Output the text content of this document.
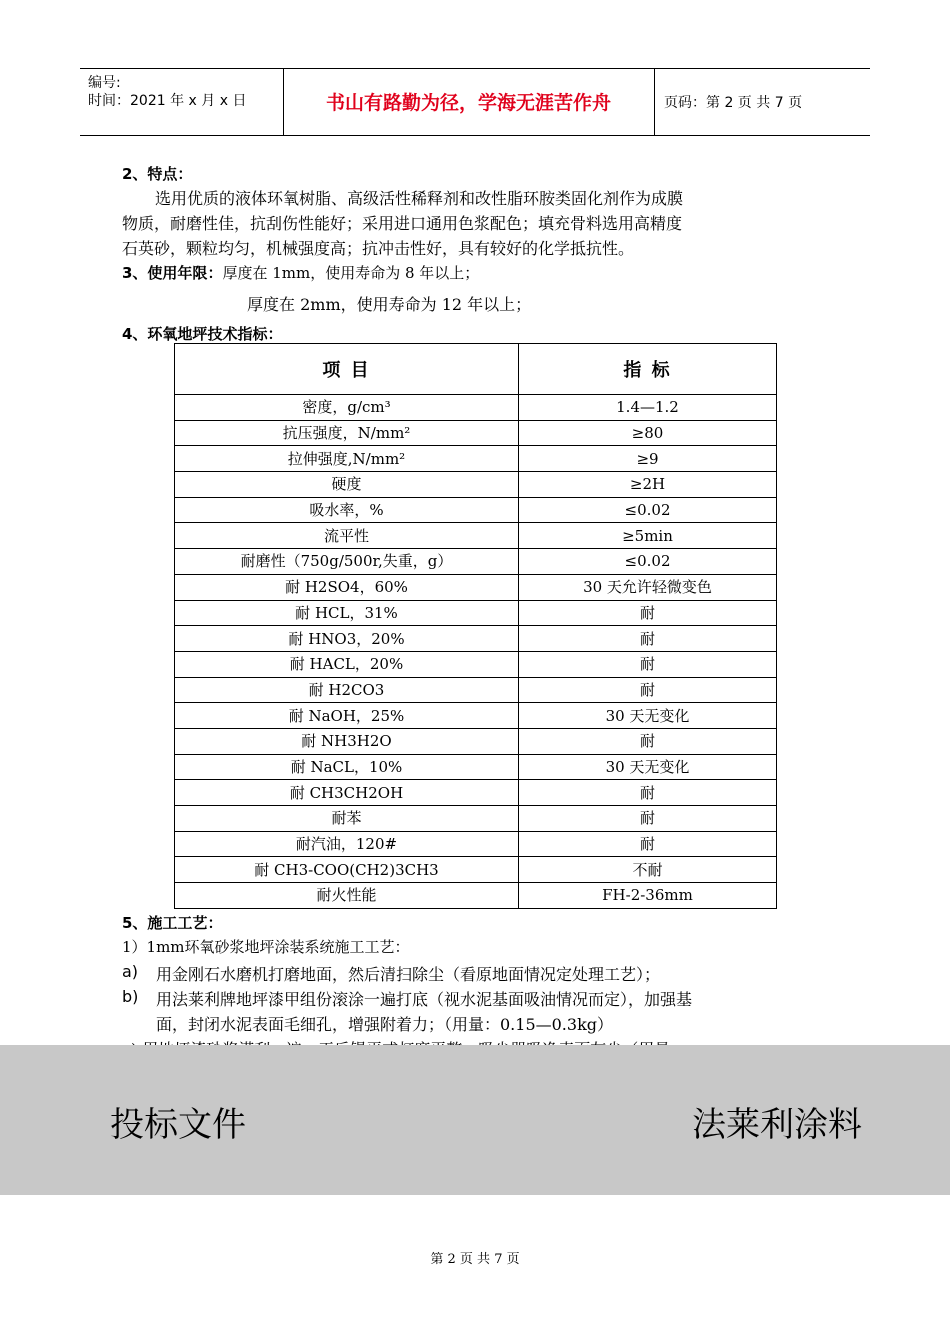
编号:
时间：2021 年 x 月 x 日	书山有路勤为径，学海无涯苦作舟	页码：第 2 页 共 7 页
2、特点：
选用优质的液体环氧树脂、高级活性稀释剂和改性脂环胺类固化剂作为成膜
物质，耐磨性佳，抗刮伤性能好；采用进口通用色浆配色；填充骨料选用高精度
石英砂，颗粒均匀，机械强度高；抗冲击性好，具有较好的化学抵抗性。
3、使用年限：厚度在 1mm，使用寿命为 8 年以上；
厚度在 2mm，使用寿命为 12 年以上；
4、环氧地坪技术指标：
项 目	指 标
密度，g/cm³	1.4—1.2
抗压强度，N/mm²	≥80
拉伸强度,N/mm²	≥9
硬度	≥2H
吸水率，%	≤0.02
流平性	≥5min
耐磨性（750g/500r,失重，g）	≤0.02
耐 H2SO4，60%	30 天允许轻微变色
耐 HCL，31%	耐
耐 HNO3，20%	耐
耐 HACL，20%	耐
耐 H2CO3	耐
耐 NaOH，25%	30 天无变化
耐 NH3H2O	耐
耐 NaCL，10%	30 天无变化
耐 CH3CH2OH	耐
耐苯	耐
耐汽油，120#	耐
耐 CH3-COO(CH2)3CH3	不耐
耐火性能	FH-2-36mm
5、施工工艺：
1）1mm环氧砂浆地坪涂装系统施工工艺：
a)	用金刚石水磨机打磨地面，然后清扫除尘（看原地面情况定处理工艺）；
b)	用法莱利牌地坪漆甲组份滚涂一遍打底（视水泥基面吸油情况而定），加强基
面，封闭水泥表面毛细孔，增强附着力；（用量：0.15—0.3kg）
投标文件	法莱利涂料
第 2 页 共 7 页
